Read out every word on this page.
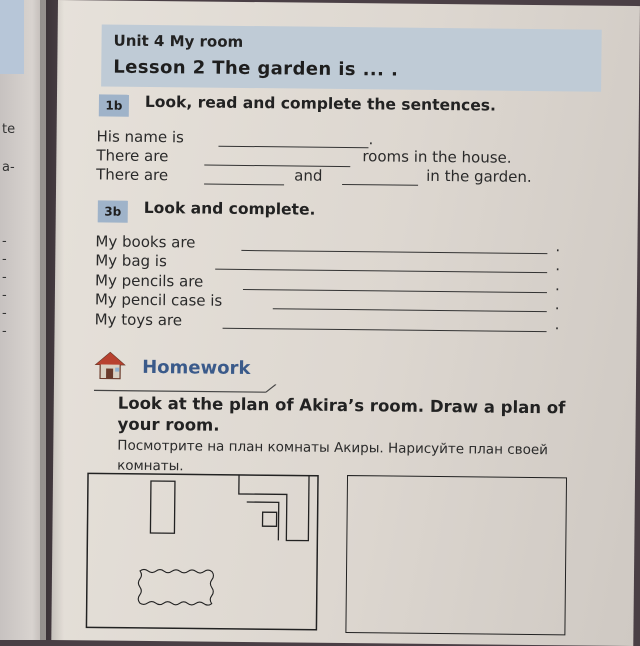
te
a-
-
-
-
-
-
-
Unit 4 My room
Lesson 2 The garden is ... .
1b	Look, read and complete the sentences.
His name is	.
There are	rooms in the house.
There are	and	in the garden.
3b	Look and complete.
My books are	.
My bag is	.
My pencils are	.
My pencil case is	.
My toys are	.
Homework
Look at the plan of Akira’s room. Draw a plan of your room.
Посмотрите на план комнаты Акиры. Нарисуйте план своей комнаты.
